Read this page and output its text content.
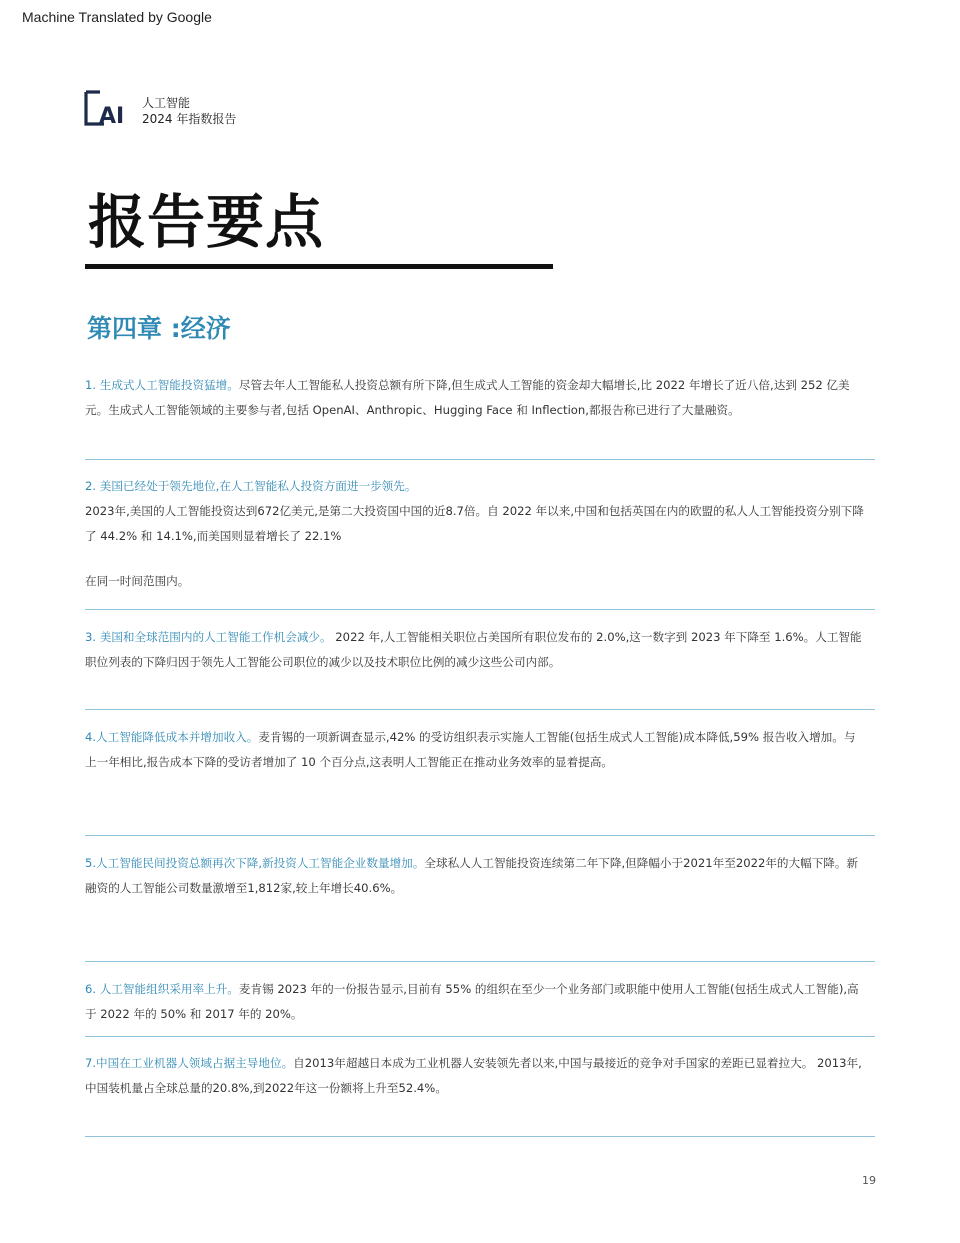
Machine Translated by Google
AI
人工智能
2024 年指数报告
报告要点
第四章 :经济

1. 生成式人工智能投资猛增。尽管去年人工智能私人投资总额有所下降,但生成式人工智能的资金却大幅增长,比 2022 年增长了近八倍,达到 252 亿美元。生成式人工智能领域的主要参与者,包括 OpenAI、Anthropic、Hugging Face 和 Inflection,都报告称已进行了大量融资。

2. 美国已经处于领先地位,在人工智能私人投资方面进一步领先。
2023年,美国的人工智能投资达到672亿美元,是第二大投资国中国的近8.7倍。自 2022 年以来,中国和包括英国在内的欧盟的私人人工智能投资分别下降了 44.2% 和 14.1%,而美国则显着增长了 22.1%
在同一时间范围内。

3. 美国和全球范围内的人工智能工作机会减少。 2022 年,人工智能相关职位占美国所有职位发布的 2.0%,这一数字到 2023 年下降至 1.6%。人工智能职位列表的下降归因于领先人工智能公司职位的减少以及技术职位比例的减少这些公司内部。

4.人工智能降低成本并增加收入。麦肯锡的一项新调查显示,42% 的受访组织表示实施人工智能(包括生成式人工智能)成本降低,59% 报告收入增加。与上一年相比,报告成本下降的受访者增加了 10 个百分点,这表明人工智能正在推动业务效率的显着提高。

5.人工智能民间投资总额再次下降,新投资人工智能企业数量增加。全球私人人工智能投资连续第二年下降,但降幅小于2021年至2022年的大幅下降。新融资的人工智能公司数量激增至1,812家,较上年增长40.6%。

6. 人工智能组织采用率上升。麦肯锡 2023 年的一份报告显示,目前有 55% 的组织在至少一个业务部门或职能中使用人工智能(包括生成式人工智能),高于 2022 年的 50% 和 2017 年的 20%。

7.中国在工业机器人领域占据主导地位。自2013年超越日本成为工业机器人安装领先者以来,中国与最接近的竞争对手国家的差距已显着拉大。 2013年,中国装机量占全球总量的20.8%,到2022年这一份额将上升至52.4%。

19
